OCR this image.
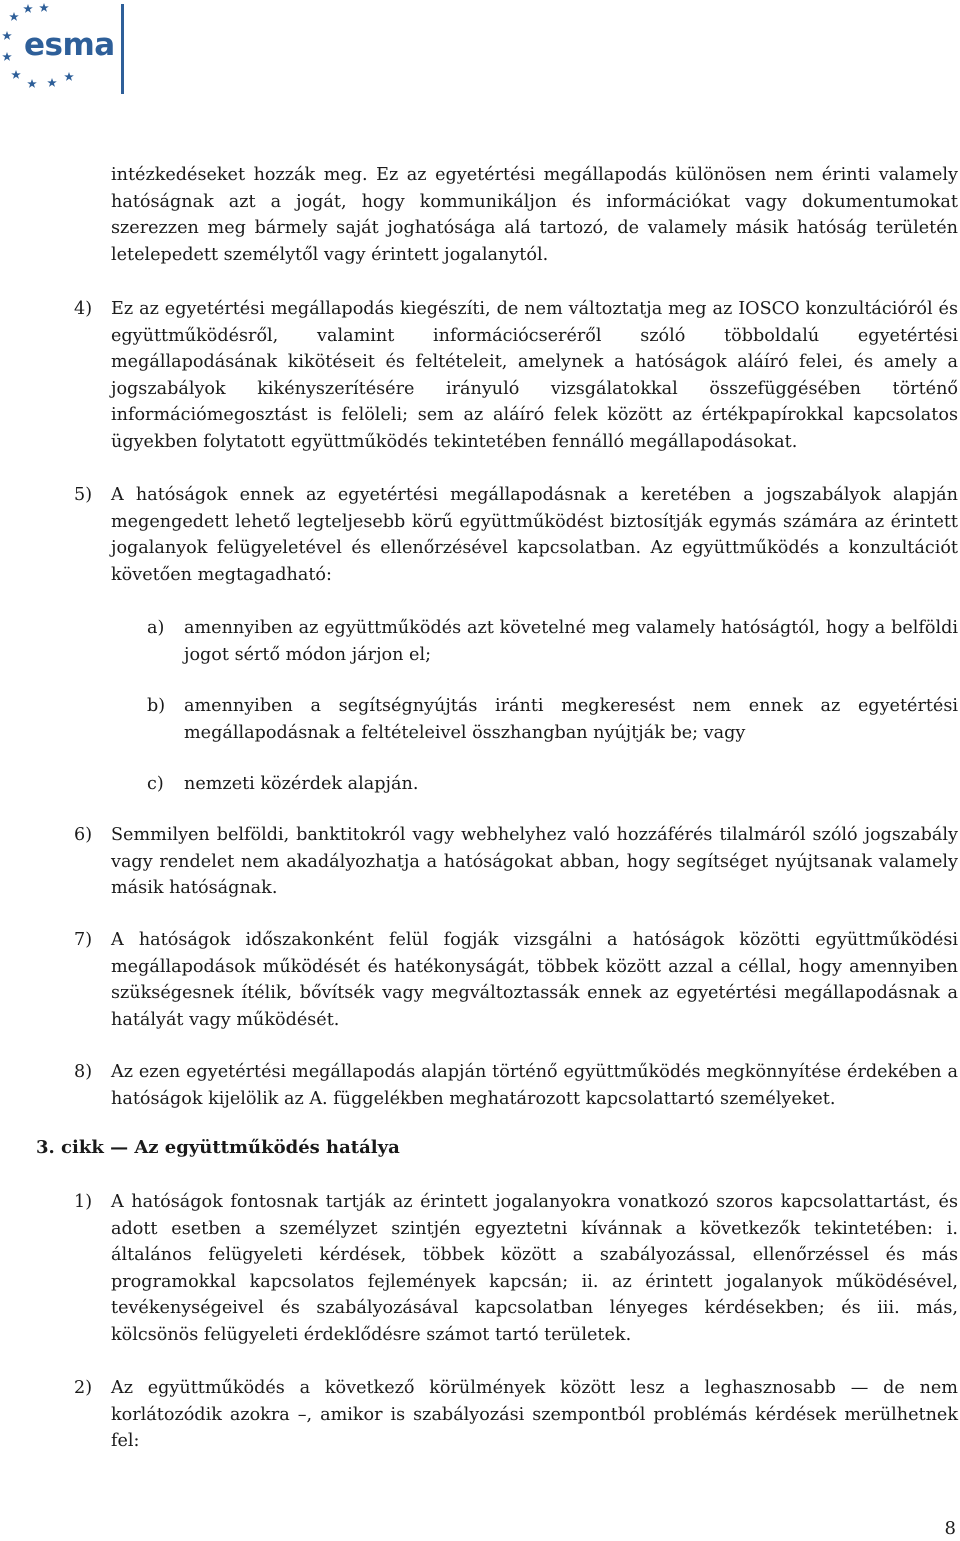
esma
intézkedéseket hozzák meg. Ez az egyetértési megállapodás különösen nem érinti valamely hatóságnak azt a jogát, hogy kommunikáljon és információkat vagy dokumentumokat szerezzen meg bármely saját joghatósága alá tartozó, de valamely másik hatóság területén letelepedett személytől vagy érintett jogalanytól.
4)	Ez az egyetértési megállapodás kiegészíti, de nem változtatja meg az IOSCO konzultációról és együttműködésről, valamint információcseréről szóló többoldalú egyetértési megállapodásának kikötéseit és feltételeit, amelynek a hatóságok aláíró felei, és amely a jogszabályok kikényszerítésére irányuló vizsgálatokkal összefüggésében történő információmegosztást is felöleli; sem az aláíró felek között az értékpapírokkal kapcsolatos ügyekben folytatott együttműködés tekintetében fennálló megállapodásokat.
5)	A hatóságok ennek az egyetértési megállapodásnak a keretében a jogszabályok alapján megengedett lehető legteljesebb körű együttműködést biztosítják egymás számára az érintett jogalanyok felügyeletével és ellenőrzésével kapcsolatban. Az együttműködés a konzultációt követően megtagadható:
a)	amennyiben az együttműködés azt követelné meg valamely hatóságtól, hogy a belföldi jogot sértő módon járjon el;
b)	amennyiben a segítségnyújtás iránti megkeresést nem ennek az egyetértési megállapodásnak a feltételeivel összhangban nyújtják be; vagy
c)	nemzeti közérdek alapján.
6)	Semmilyen belföldi, banktitokról vagy webhelyhez való hozzáférés tilalmáról szóló jogszabály vagy rendelet nem akadályozhatja a hatóságokat abban, hogy segítséget nyújtsanak valamely másik hatóságnak.
7)	A hatóságok időszakonként felül fogják vizsgálni a hatóságok közötti együttműködési megállapodások működését és hatékonyságát, többek között azzal a céllal, hogy amennyiben szükségesnek ítélik, bővítsék vagy megváltoztassák ennek az egyetértési megállapodásnak a hatályát vagy működését.
8)	Az ezen egyetértési megállapodás alapján történő együttműködés megkönnyítése érdekében a hatóságok kijelölik az A. függelékben meghatározott kapcsolattartó személyeket.
3. cikk — Az együttműködés hatálya
1)	A hatóságok fontosnak tartják az érintett jogalanyokra vonatkozó szoros kapcsolattartást, és adott esetben a személyzet szintjén egyeztetni kívánnak a következők tekintetében: i. általános felügyeleti kérdések, többek között a szabályozással, ellenőrzéssel és más programokkal kapcsolatos fejlemények kapcsán; ii. az érintett jogalanyok működésével, tevékenységeivel és szabályozásával kapcsolatban lényeges kérdésekben; és iii. más, kölcsönös felügyeleti érdeklődésre számot tartó területek.
2)	Az együttműködés a következő körülmények között lesz a leghasznosabb — de nem korlátozódik azokra –, amikor is szabályozási szempontból problémás kérdések merülhetnek fel:
8
